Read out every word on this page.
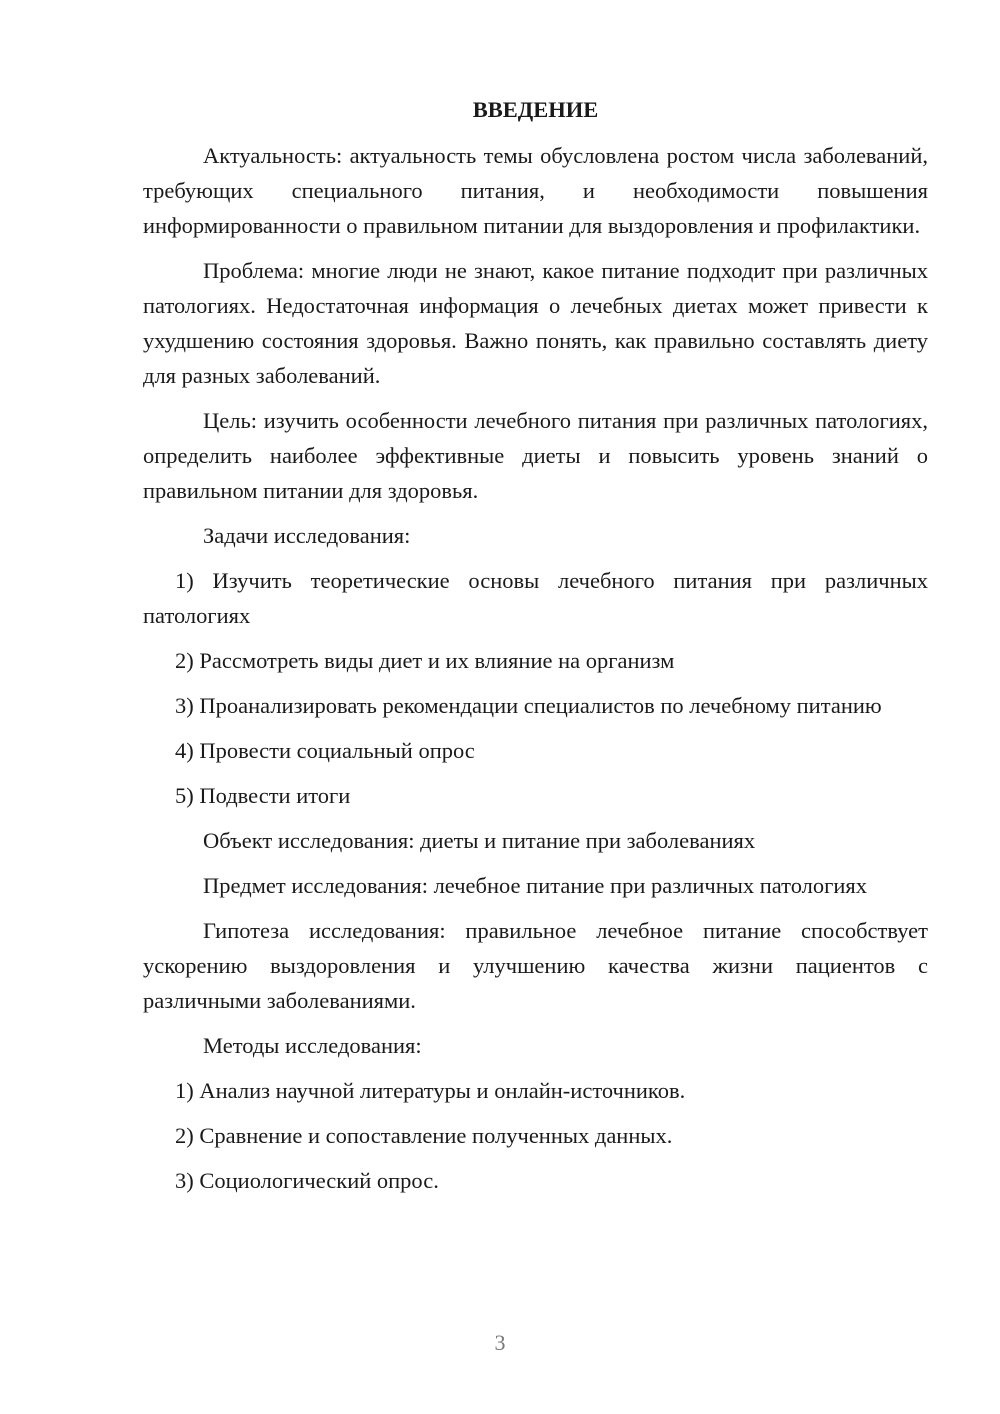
ВВЕДЕНИЕ
Актуальность: актуальность темы обусловлена ростом числа заболеваний, требующих специального питания, и необходимости повышения информированности о правильном питании для выздоровления и профилактики.
Проблема: многие люди не знают, какое питание подходит при различных патологиях. Недостаточная информация о лечебных диетах может привести к ухудшению состояния здоровья. Важно понять, как правильно составлять диету для разных заболеваний.
Цель: изучить особенности лечебного питания при различных патологиях, определить наиболее эффективные диеты и повысить уровень знаний о правильном питании для здоровья.
Задачи исследования:
1) Изучить теоретические основы лечебного питания при различных патологиях
2) Рассмотреть виды диет и их влияние на организм
3) Проанализировать рекомендации специалистов по лечебному питанию
4) Провести социальный опрос
5) Подвести итоги
Объект исследования: диеты и питание при заболеваниях
Предмет исследования: лечебное питание при различных патологиях
Гипотеза исследования: правильное лечебное питание способствует ускорению выздоровления и улучшению качества жизни пациентов с различными заболеваниями.
Методы исследования:
1) Анализ научной литературы и онлайн-источников.
2) Сравнение и сопоставление полученных данных.
3) Социологический опрос.
3
